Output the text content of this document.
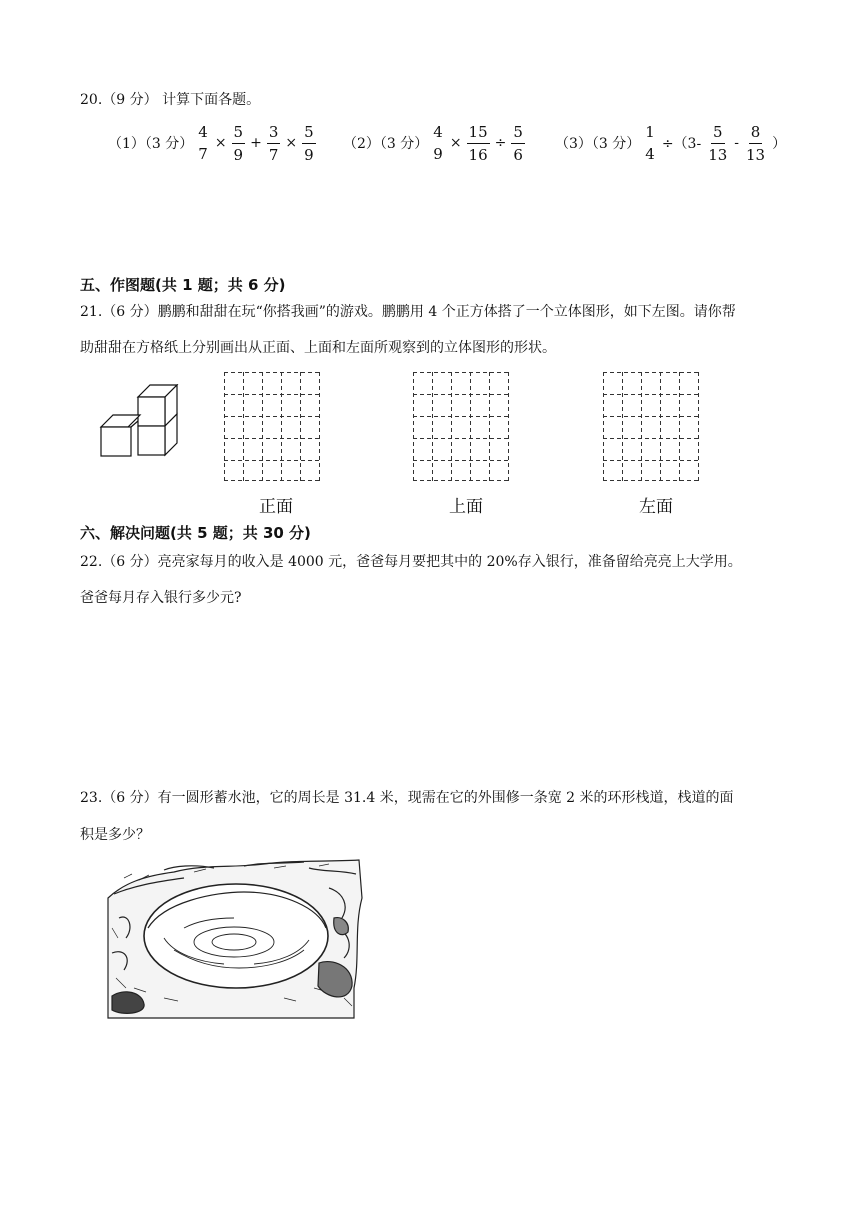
20.（9 分） 计算下面各题。
（1）（3 分）
4
7
× $\frac{5}{9} + \frac{3}{7} \times \frac{5}{9} (2)(3$ 分）
4
9
× $\frac{15}{16} \div \frac{5}{6} (3)(3$ 分）
1
4
$\div(3- \frac{5}{13} - \frac{8}{13}$ ）
五、作图题(共 1 题；共 6 分)
21.（6 分）鹏鹏和甜甜在玩“你搭我画”的游戏。鹏鹏用 4 个正方体搭了一个立体图形，如下左图。请你帮
助甜甜在方格纸上分别画出从正面、上面和左面所观察到的立体图形的形状。
正面	上面	左面
六、解决问题(共 5 题；共 30 分)
22.（6 分）亮亮家每月的收入是 4000 元，爸爸每月要把其中的 20%存入银行，准备留给亮亮上大学用。
爸爸每月存入银行多少元?
23.（6 分）有一圆形蓄水池，它的周长是 31.4 米，现需在它的外围修一条宽 2 米的环形栈道，栈道的面
积是多少？
